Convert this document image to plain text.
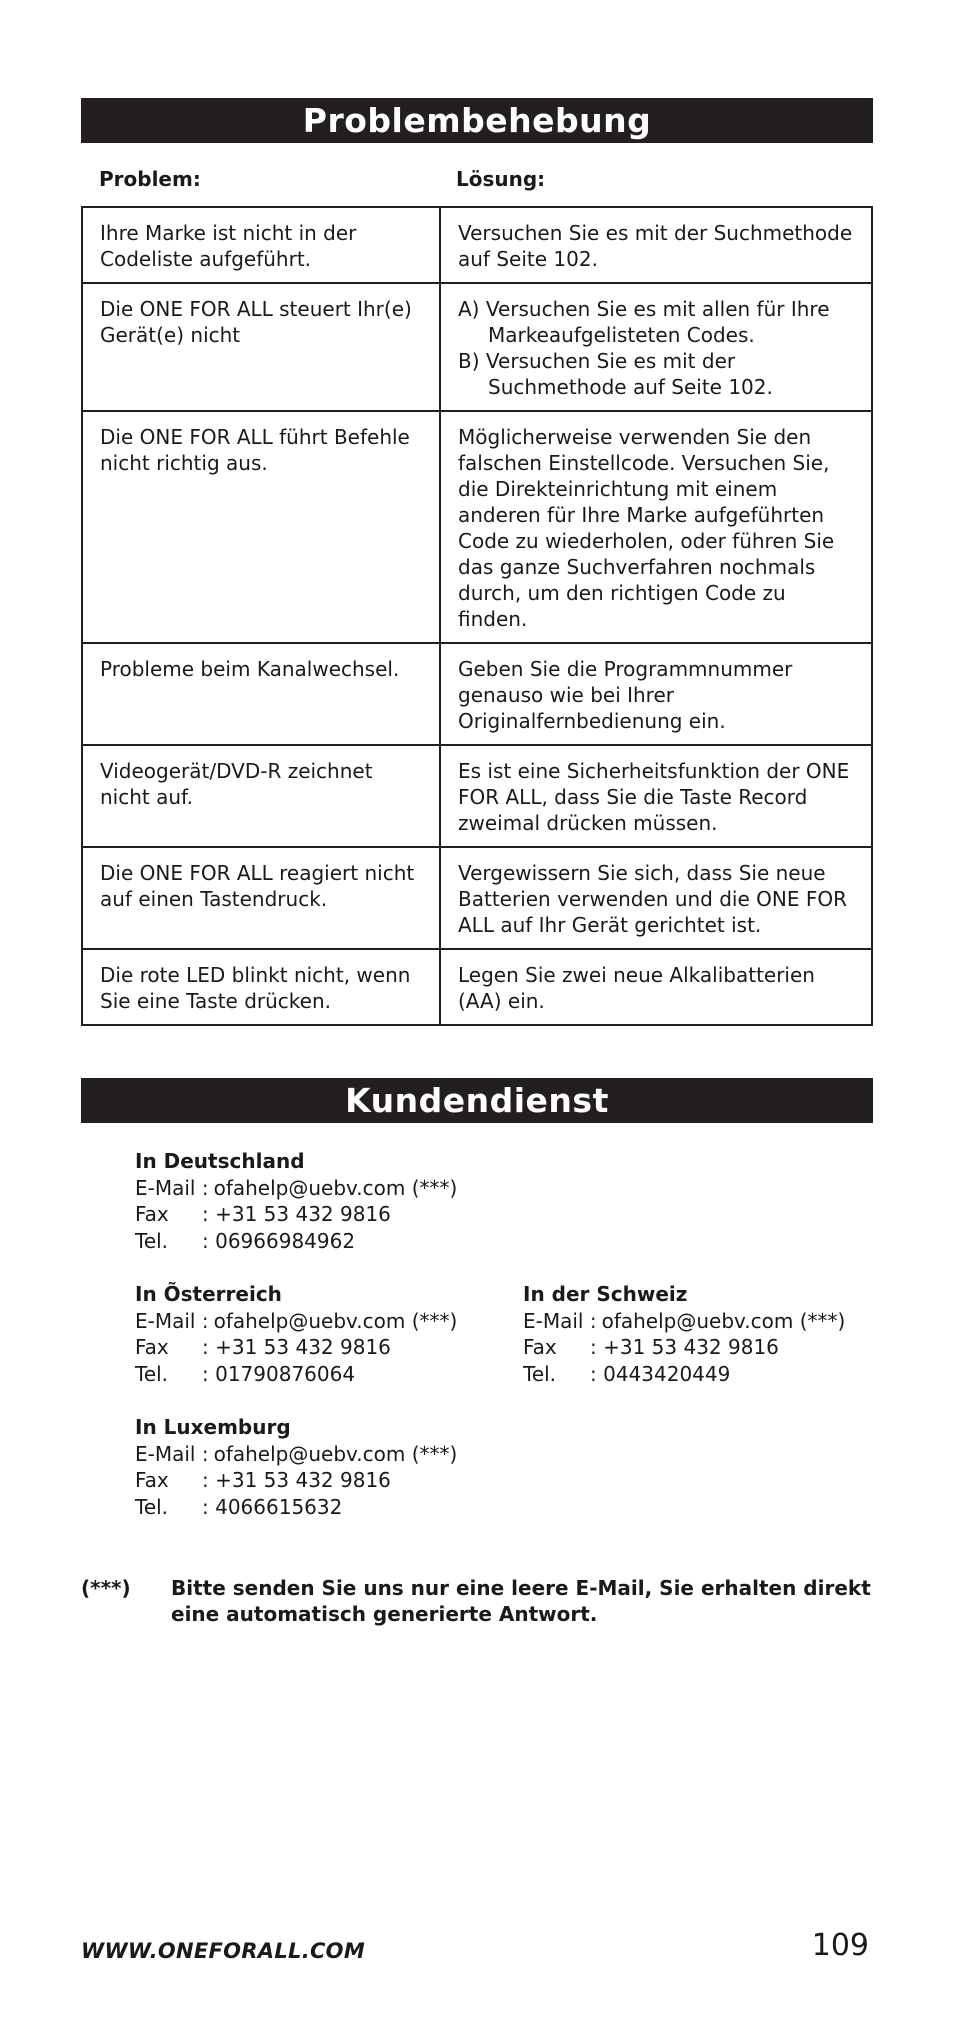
Problembehebung
Problem:	Lösung:
Ihre Marke ist nicht in der Codeliste aufgeführt.	Versuchen Sie es mit der Suchmethode auf Seite 102.
Die ONE FOR ALL steuert Ihr(e) Gerät(e) nicht	A) Versuchen Sie es mit allen für Ihre Markeaufgelisteten Codes.
B) Versuchen Sie es mit der Suchmethode auf Seite 102.

Die ONE FOR ALL führt Befehle nicht richtig aus.	Möglicherweise verwenden Sie den falschen Einstellcode. Versuchen Sie, die Direkteinrichtung mit einem anderen für Ihre Marke aufgeführten Code zu wiederholen, oder führen Sie das ganze Suchverfahren nochmals durch, um den richtigen Code zu finden.
Probleme beim Kanalwechsel.	Geben Sie die Programmnummer genauso wie bei Ihrer Originalfernbedienung ein.
Videogerät/DVD-R zeichnet nicht auf.	Es ist eine Sicherheitsfunktion der ONE FOR ALL, dass Sie die Taste Record zweimal drücken müssen.
Die ONE FOR ALL reagiert nicht auf einen Tastendruck.	Vergewissern Sie sich, dass Sie neue Batterien verwenden und die ONE FOR ALL auf Ihr Gerät gerichtet ist.
Die rote LED blinkt nicht, wenn Sie eine Taste drücken.	Legen Sie zwei neue Alkalibatterien (AA) ein.
Kundendienst
In Deutschland
E-Mail : ofahelp@uebv.com (***)
Fax : +31 53 432 9816
Tel. : 06966984962
In Õsterreich
E-Mail : ofahelp@uebv.com (***)
Fax : +31 53 432 9816
Tel. : 01790876064
In der Schweiz
E-Mail : ofahelp@uebv.com (***)
Fax : +31 53 432 9816
Tel. : 0443420449
In Luxemburg
E-Mail : ofahelp@uebv.com (***)
Fax : +31 53 432 9816
Tel. : 4066615632
(***) Bitte senden Sie uns nur eine leere E-Mail, Sie erhalten direkt eine automatisch generierte Antwort.
WWW.ONEFORALL.COM	109
